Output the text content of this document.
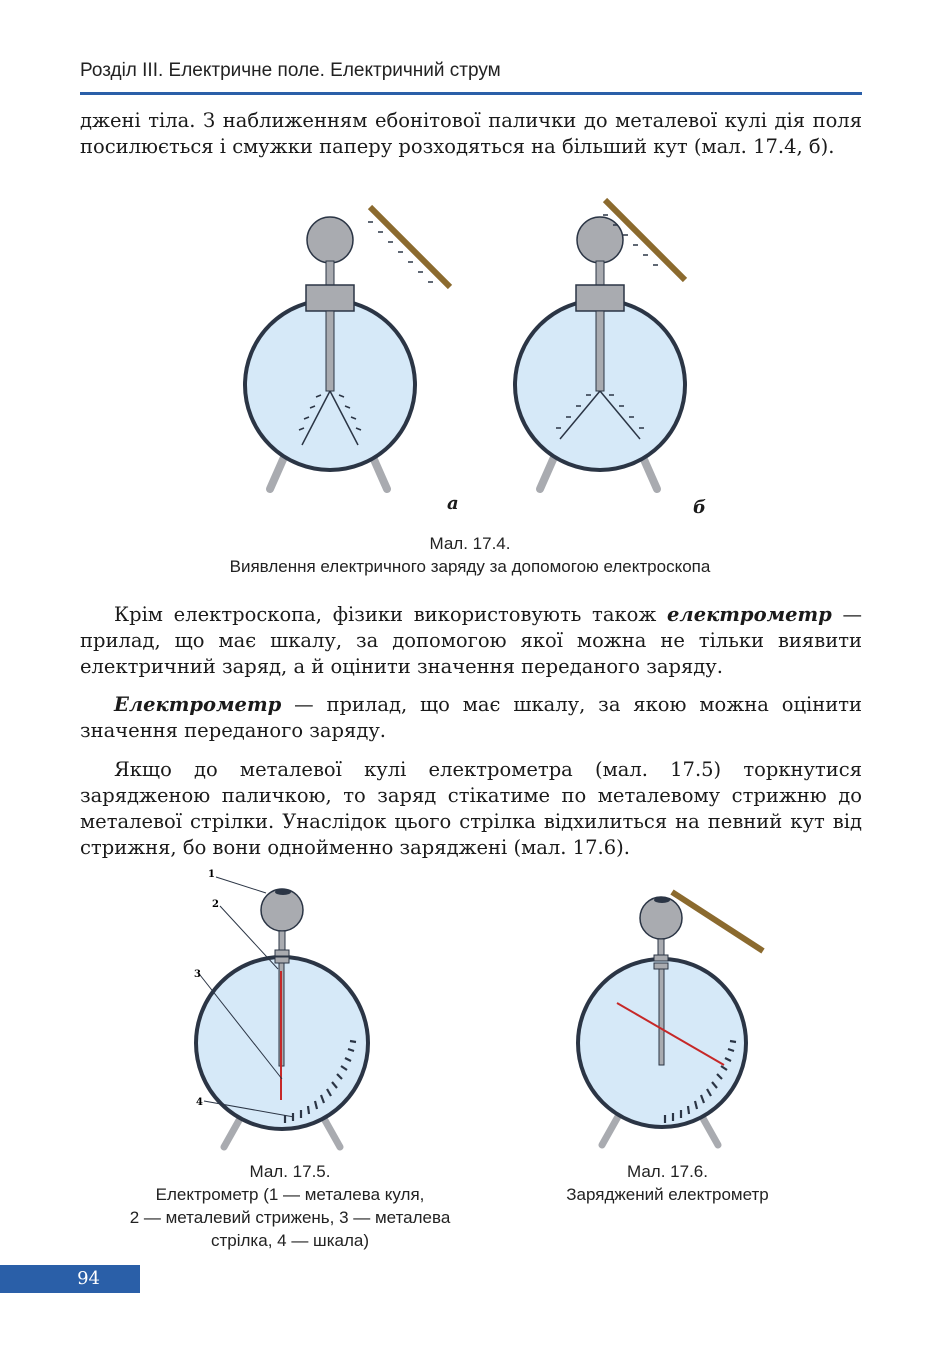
Розділ III. Електричне поле. Електричний струм

джені тіла. З наближенням ебонітової палички до металевої кулі дія поля посилюється і смужки паперу розходяться на більший кут (мал. 17.4, б).

а	б
Мал. 17.4.
Виявлення електричного заряду за допомогою електроскопа

Крім електроскопа, фізики використовують також електрометр — прилад, що має шкалу, за допомогою якої можна не тільки виявити електричний заряд, а й оцінити значення переданого заряду.

Електрометр — прилад, що має шкалу, за якою можна оцінити значення переданого заряду.

Якщо до металевої кулі електрометра (мал. 17.5) торкнутися зарядженою паличкою, то заряд стікатиме по металевому стрижню до металевої стрілки. Унаслідок цього стрілка відхилиться на певний кут від стрижня, бо вони однойменно заряджені (мал. 17.6).

1
2
3
4
Мал. 17.5.
Електрометр (1 — металева куля,
2 — металевий стрижень, 3 — металева
стрілка, 4 — шкала)
Мал. 17.6.
Заряджений електрометр
94
